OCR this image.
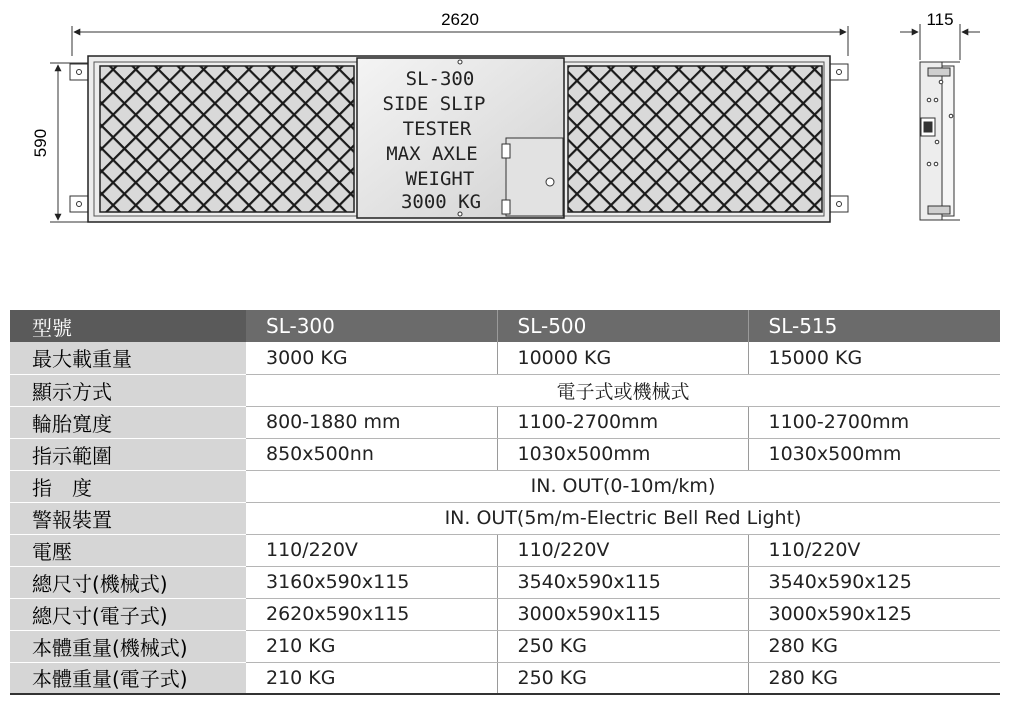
2620
590
SL-300
SIDE SLIP
TESTER
MAX AXLE
WEIGHT
3000 KG
115
型號	SL-300	SL-500	SL-515
最大載重量	3000 KG	10000 KG	15000 KG
顯示方式	電子式或機械式		
輪胎寬度	800-1880 mm	1100-2700mm	1100-2700mm
指示範圍	850x500nn	1030x500mm	1030x500mm
指　度	IN. OUT(0-10m/km)		
警報裝置	IN. OUT(5m/m-Electric Bell Red Light)		
電壓	110/220V	110/220V	110/220V
總尺寸(機械式)	3160x590x115	3540x590x115	3540x590x125
總尺寸(電子式)	2620x590x115	3000x590x115	3000x590x125
本體重量(機械式)	210 KG	250 KG	280 KG
本體重量(電子式)	210 KG	250 KG	280 KG
